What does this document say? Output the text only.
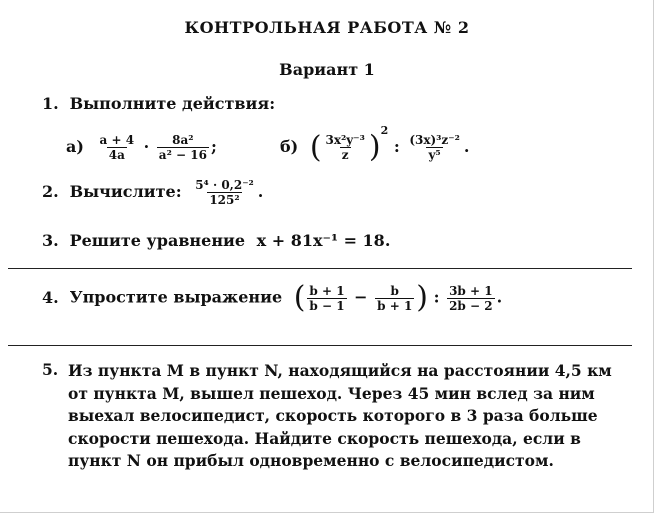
КОНТРОЛЬНАЯ РАБОТА № 2
Вариант 1
1. Выполните действия:
$а) \frac{a + 4}{4a} \cdot \frac{\text{8a²}}{\text{a² − 16}}$ ;	б) ( $\frac{\text{3x²y⁻³}}{z} )^2$ : $\frac{\text{(3x)³z⁻²}}{\text{y⁵}}$ .
2. Вычислите: $\frac{\text{5⁴ · 0,2⁻²}}{\text{125²}}$ .
3. Решите уравнение x + 81x⁻¹ = 18.
4. Упростите выражение ( $\frac{b + 1}{b - 1} - \frac{b}{b + 1}$ ) : $\frac{3b + 1}{2b - 2}$ .
5. Из пункта M в пункт N, находящийся на расстоянии 4,5 км
от пункта M, вышел пешеход. Через 45 мин вслед за ним
выехал велосипедист, скорость которого в 3 раза больше
скорости пешехода. Найдите скорость пешехода, если в
пункт N он прибыл одновременно с велосипедистом.
